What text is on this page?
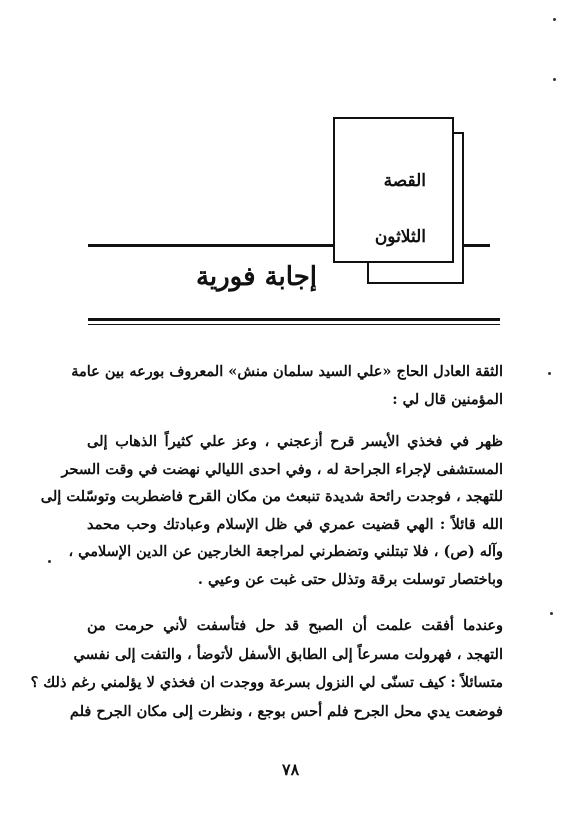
القصة
الثلاثون
إجابة فورية
الثقة العادل الحاج «علي السيد سلمان منش» المعروف بورعه بين عامة
المؤمنين قال لي :
ظهر في فخذي الأيسر قرح أزعجني ، وعز علي كثيراً الذهاب إلى
المستشفى لإجراء الجراحة له ، وفي احدى الليالي نهضت في وقت السحر
للتهجد ، فوجدت رائحة شديدة تنبعث من مكان القرح فاضطربت وتوسّلت إلى
الله قائلاً : الهي قضيت عمري في ظل الإسلام وعبادتك وحب محمد
وآله (ص) ، فلا تبتلني وتضطرني لمراجعة الخارجين عن الدين الإسلامي ،
وباختصار توسلت برقة وتذلل حتى غبت عن وعيي .
وعندما أفقت علمت أن الصبح قد حل فتأسفت لأني حرمت من
التهجد ، فهرولت مسرعاً إلى الطابق الأسفل لأتوضأ ، والتفت إلى نفسي
متسائلاً : كيف تسنّى لي النزول بسرعة ووجدت ان فخذي لا يؤلمني رغم ذلك ؟
فوضعت يدي محل الجرح فلم أحس بوجع ، ونظرت إلى مكان الجرح فلم
٧٨
